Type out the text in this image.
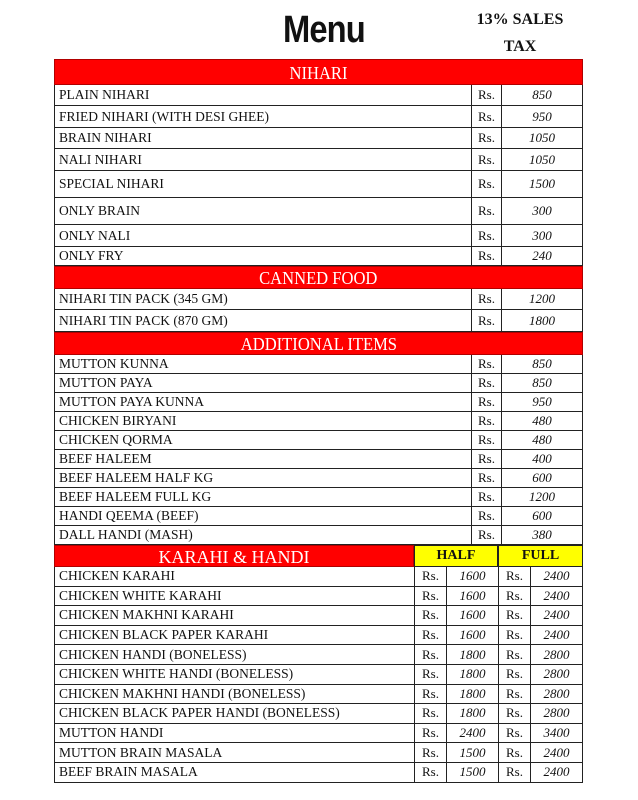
Menu	13% SALES TAX
NIHARI
PLAIN NIHARI	Rs.	850
FRIED NIHARI (WITH DESI GHEE)	Rs.	950
BRAIN NIHARI	Rs.	1050
NALI NIHARI	Rs.	1050
SPECIAL NIHARI	Rs.	1500
ONLY BRAIN	Rs.	300
ONLY NALI	Rs.	300
ONLY FRY	Rs.	240
CANNED FOOD
NIHARI TIN PACK (345 GM)	Rs.	1200
NIHARI TIN PACK (870 GM)	Rs.	1800
ADDITIONAL ITEMS
MUTTON KUNNA	Rs.	850
MUTTON PAYA	Rs.	850
MUTTON PAYA KUNNA	Rs.	950
CHICKEN BIRYANI	Rs.	480
CHICKEN QORMA	Rs.	480
BEEF HALEEM	Rs.	400
BEEF HALEEM HALF KG	Rs.	600
BEEF HALEEM FULL KG	Rs.	1200
HANDI QEEMA (BEEF)	Rs.	600
DALL HANDI (MASH)	Rs.	380
KARAHI & HANDI	HALF	FULL
CHICKEN KARAHI	Rs.	1600	Rs.	2400
CHICKEN WHITE KARAHI	Rs.	1600	Rs.	2400
CHICKEN MAKHNI KARAHI	Rs.	1600	Rs.	2400
CHICKEN BLACK PAPER KARAHI	Rs.	1600	Rs.	2400
CHICKEN HANDI (BONELESS)	Rs.	1800	Rs.	2800
CHICKEN WHITE HANDI (BONELESS)	Rs.	1800	Rs.	2800
CHICKEN MAKHNI HANDI (BONELESS)	Rs.	1800	Rs.	2800
CHICKEN BLACK PAPER HANDI (BONELESS)	Rs.	1800	Rs.	2800
MUTTON HANDI	Rs.	2400	Rs.	3400
MUTTON BRAIN MASALA	Rs.	1500	Rs.	2400
BEEF BRAIN MASALA	Rs.	1500	Rs.	2400
